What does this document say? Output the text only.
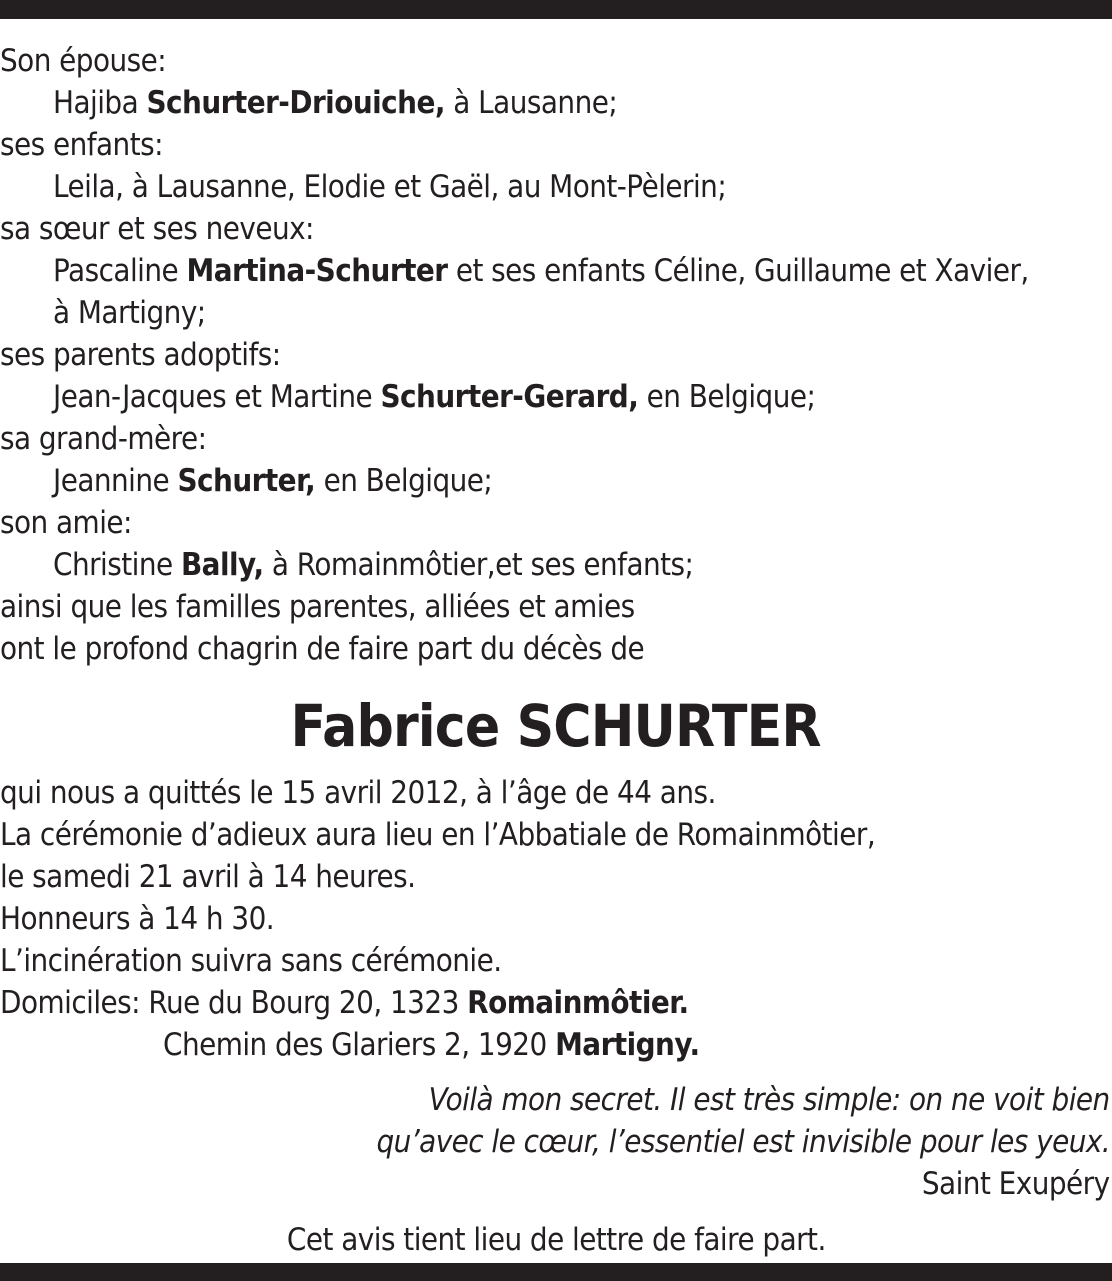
Son épouse:
Hajiba Schurter-Driouiche, à Lausanne;
ses enfants:
Leila, à Lausanne, Elodie et Gaël, au Mont-Pèlerin;
sa sœur et ses neveux:
Pascaline Martina-Schurter et ses enfants Céline, Guillaume et Xavier,
à Martigny;
ses parents adoptifs:
Jean-Jacques et Martine Schurter-Gerard, en Belgique;
sa grand-mère:
Jeannine Schurter, en Belgique;
son amie:
Christine Bally, à Romainmôtier,et ses enfants;
ainsi que les familles parentes, alliées et amies
ont le profond chagrin de faire part du décès de
Fabrice SCHURTER
qui nous a quittés le 15 avril 2012, à l’âge de 44 ans.
La cérémonie d’adieux aura lieu en l’Abbatiale de Romainmôtier,
le samedi 21 avril à 14 heures.
Honneurs à 14 h 30.
L’incinération suivra sans cérémonie.
Domiciles: Rue du Bourg 20, 1323 Romainmôtier.
Chemin des Glariers 2, 1920 Martigny.
Voilà mon secret. Il est très simple: on ne voit bien
qu’avec le cœur, l’essentiel est invisible pour les yeux.
Saint Exupéry
Cet avis tient lieu de lettre de faire part.
